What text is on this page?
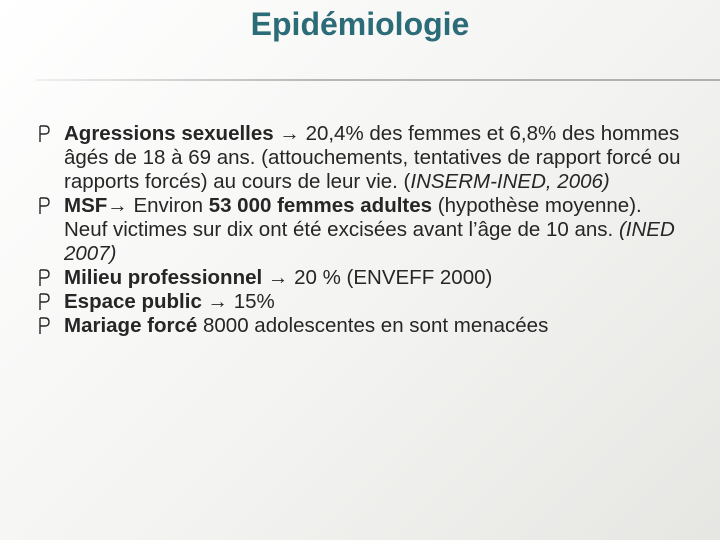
Epidémiologie
Agressions sexuelles → 20,4% des femmes et 6,8% des hommes âgés de 18 à 69 ans. (attouchements, tentatives de rapport forcé ou rapports forcés) au cours de leur vie. (INSERM-INED, 2006)
MSF→ Environ 53 000 femmes adultes (hypothèse moyenne). Neuf victimes sur dix ont été excisées avant l’âge de 10 ans. (INED 2007)
Milieu professionnel → 20 % (ENVEFF 2000)
Espace public → 15%
Mariage forcé 8000 adolescentes en sont menacées
